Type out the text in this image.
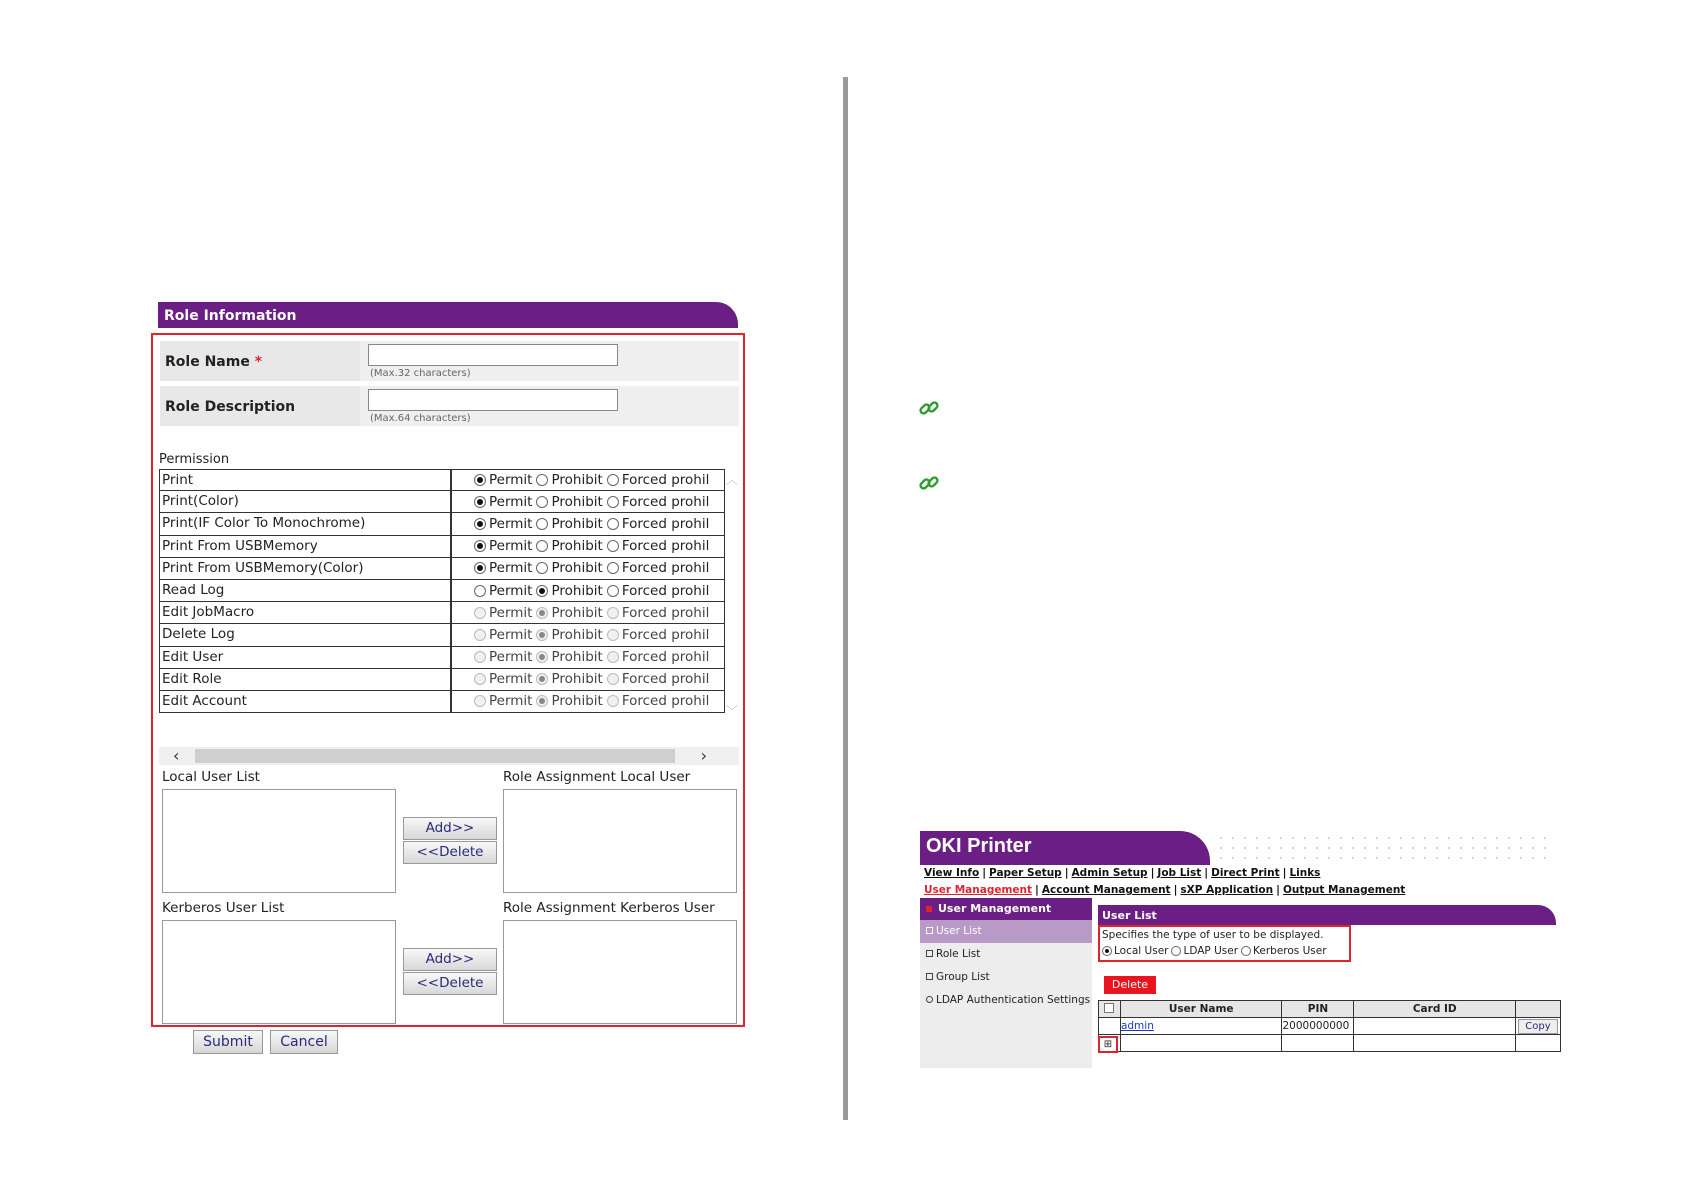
Role Information
Role Name *
(Max.32 characters)
Role Description
(Max.64 characters)
Permission
Print	Permit Prohibit Forced prohil
Print(Color)	Permit Prohibit Forced prohil
Print(IF Color To Monochrome)	Permit Prohibit Forced prohil
Print From USBMemory	Permit Prohibit Forced prohil
Print From USBMemory(Color)	Permit Prohibit Forced prohil
Read Log	Permit Prohibit Forced prohil
Edit JobMacro	Permit Prohibit Forced prohil
Delete Log	Permit Prohibit Forced prohil
Edit User	Permit Prohibit Forced prohil
Edit Role	Permit Prohibit Forced prohil
Edit Account	Permit Prohibit Forced prohil
︿
﹀
‹	›
Local User List	Role Assignment Local User
Add>>
<<Delete
Kerberos User List	Role Assignment Kerberos User
Add>>
<<Delete
Submit	Cancel
OKI Printer
View Info | Paper Setup | Admin Setup | Job List | Direct Print | Links
User Management | Account Management | sXP Application | Output Management
User Management
User List
Role List
Group List
LDAP Authentication Settings
User List
Specifies the type of user to be displayed.
Local User LDAP User Kerberos User
Delete
	User Name	PIN	Card ID	
	admin	2000000000		Copy

⊞
